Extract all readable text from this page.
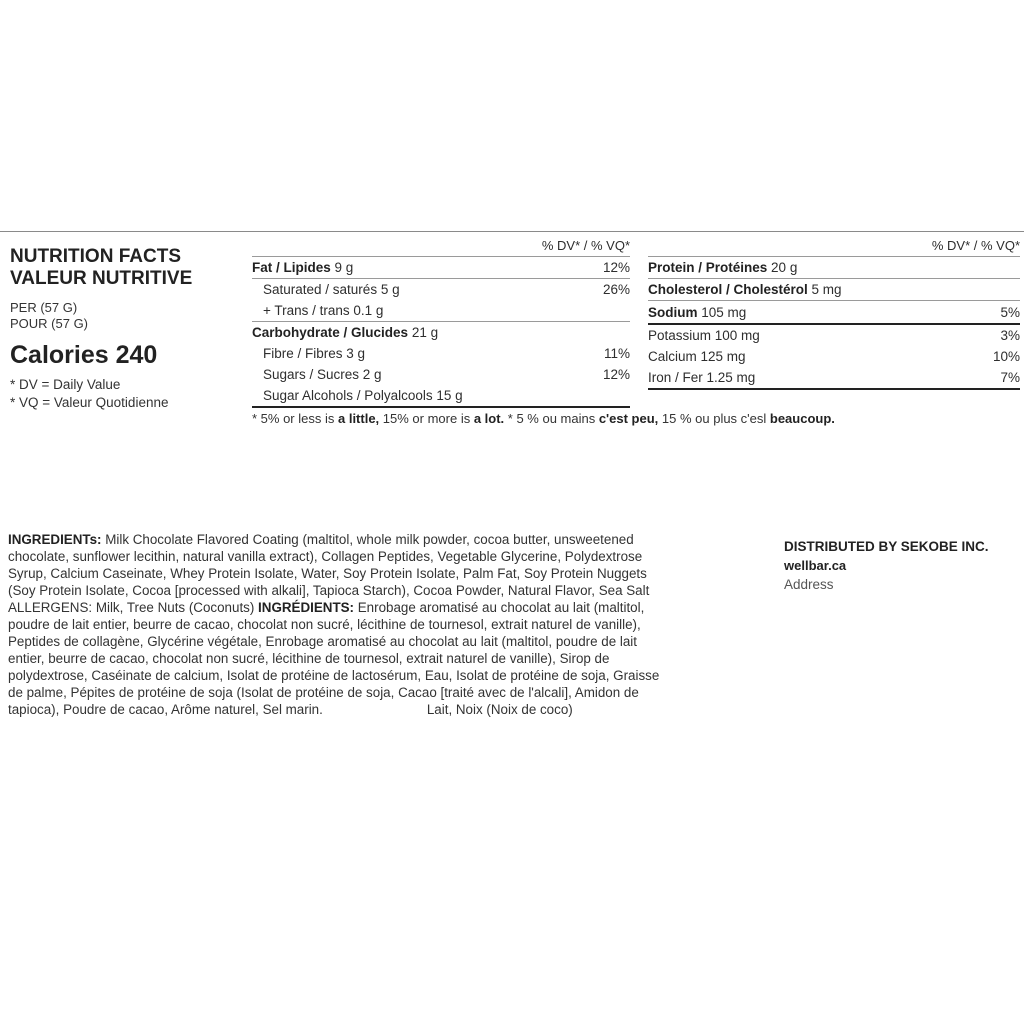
NUTRITION FACTS
VALEUR NUTRITIVE
PER (57 G)
POUR (57 G)
Calories 240
* DV = Daily Value
* VQ = Valeur Quotidienne
% DV* / % VQ*
Fat / Lipides 9 g	12%
Saturated / saturés 5 g	26%
+ Trans / trans 0.1 g
Carbohydrate / Glucides 21 g
Fibre / Fibres 3 g	11%
Sugars / Sucres 2 g	12%
Sugar Alcohols / Polyalcools 15 g
% DV* / % VQ*
Protein / Protéines 20 g
Cholesterol / Cholestérol 5 mg
Sodium 105 mg	5%
Potassium 100 mg	3%
Calcium 125 mg	10%
Iron / Fer 1.25 mg	7%
* 5% or less is a little, 15% or more is a lot. * 5 % ou mains c'est peu, 15 % ou plus c'esl beaucoup.

INGREDIENTs: Milk Chocolate Flavored Coating (maltitol, whole milk powder, cocoa butter, unsweetened

chocolate, sunflower lecithin, natural vanilla extract), Collagen Peptides, Vegetable Glycerine, Polydextrose

Syrup, Calcium Caseinate, Whey Protein Isolate, Water, Soy Protein Isolate, Palm Fat, Soy Protein Nuggets

(Soy Protein Isolate, Cocoa [processed with alkali], Tapioca Starch), Cocoa Powder, Natural Flavor, Sea Salt

ALLERGENS: Milk, Tree Nuts (Coconuts) INGRÉDIENTS: Enrobage aromatisé au chocolat au lait (maltitol,

poudre de lait entier, beurre de cacao, chocolat non sucré, lécithine de tournesol, extrait naturel de vanille),

Peptides de collagène, Glycérine végétale, Enrobage aromatisé au chocolat au lait (maltitol, poudre de lait

entier, beurre de cacao, chocolat non sucré, lécithine de tournesol, extrait naturel de vanille), Sirop de

polydextrose, Caséinate de calcium, Isolat de protéine de lactosérum, Eau, Isolat de protéine de soja, Graisse

de palme, Pépites de protéine de soja (Isolat de protéine de soja, Cacao [traité avec de l'alcali], Amidon de

tapioca), Poudre de cacao, Arôme naturel, Sel marin.	Lait, Noix (Noix de coco)

DISTRIBUTED BY SEKOBE INC.
wellbar.ca
Address
